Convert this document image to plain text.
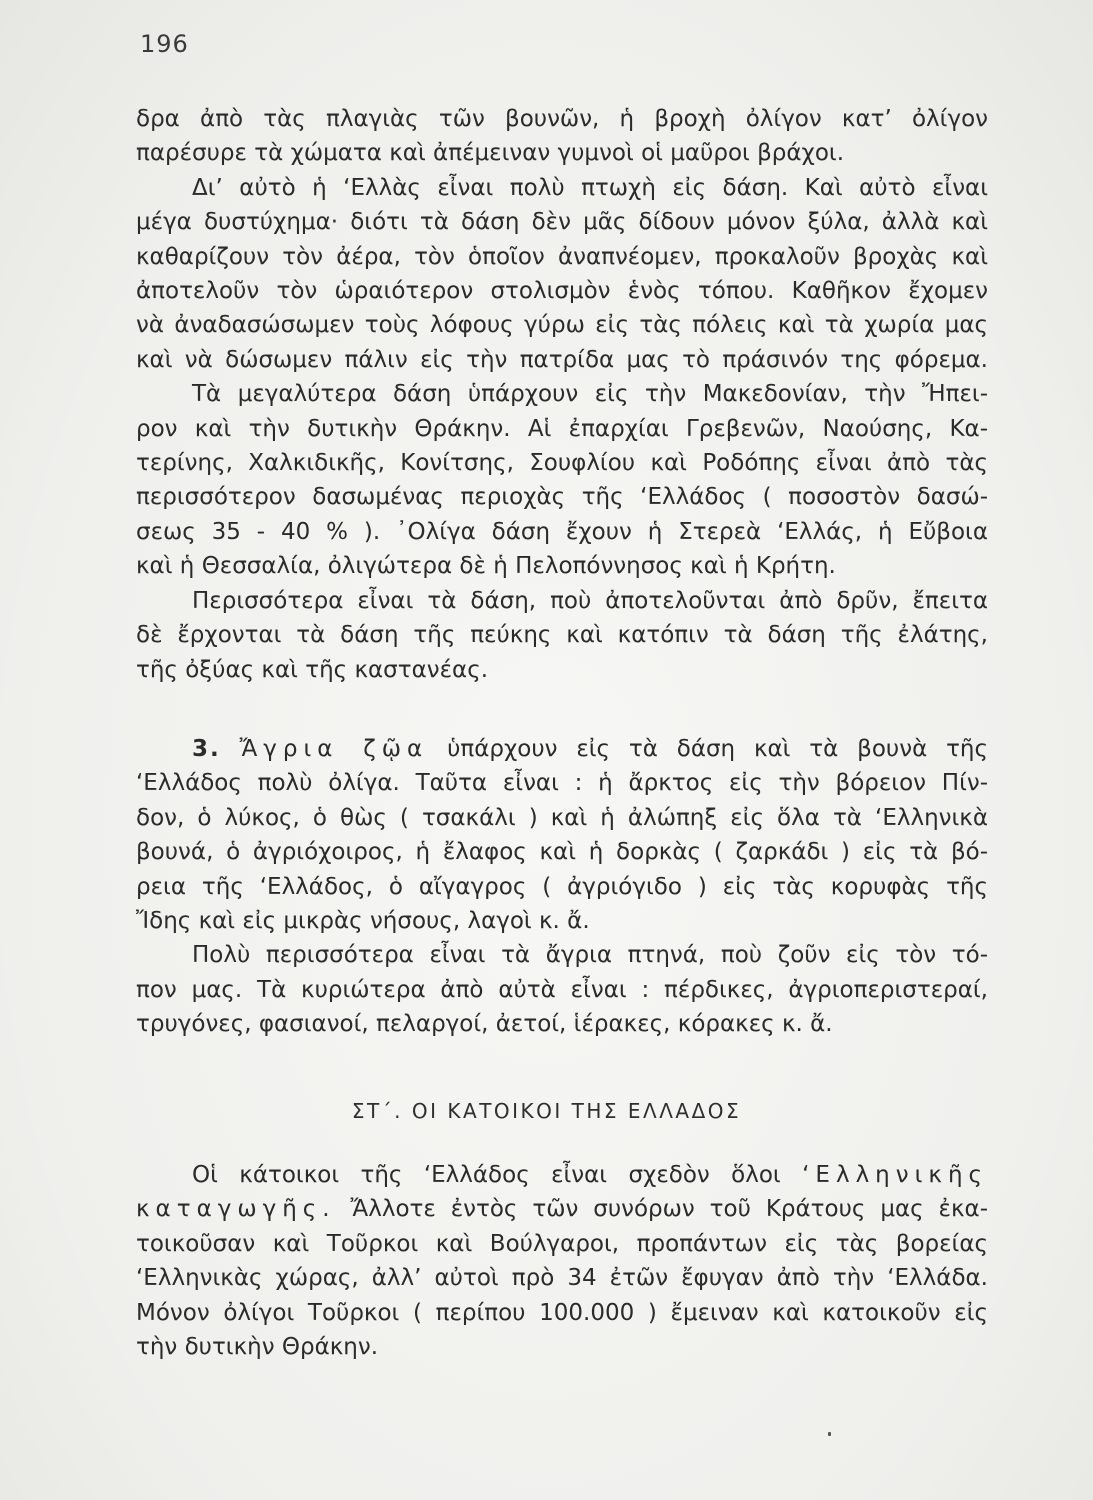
196
δρα ἀπὸ τὰς πλαγιὰς τῶν βουνῶν, ἡ βροχὴ ὀλίγον κατ’ ὀλίγον
παρέσυρε τὰ χώματα καὶ ἀπέμειναν γυμνοὶ οἱ μαῦροι βράχοι.
Δι’ αὐτὸ ἡ ‘Ελλὰς εἶναι πολὺ πτωχὴ εἰς δάση. Καὶ αὐτὸ εἶναι
μέγα δυστύχημα· διότι τὰ δάση δὲν μᾶς δίδουν μόνον ξύλα, ἀλλὰ καὶ
καθαρίζουν τὸν ἀέρα, τὸν ὁποῖον ἀναπνέομεν, προκαλοῦν βροχὰς καὶ
ἀποτελοῦν τὸν ὡραιότερον στολισμὸν ἑνὸς τόπου. Καθῆκον ἔχομεν
νὰ ἀναδασώσωμεν τοὺς λόφους γύρω εἰς τὰς πόλεις καὶ τὰ χωρία μας
καὶ νὰ δώσωμεν πάλιν εἰς τὴν πατρίδα μας τὸ πράσινόν της φόρεμα.
Τὰ μεγαλύτερα δάση ὑπάρχουν εἰς τὴν Μακεδονίαν, τὴν Ἤπει-
ρον καὶ τὴν δυτικὴν Θράκην. Αἱ ἐπαρχίαι Γρεβενῶν, Ναούσης, Κα-
τερίνης, Χαλκιδικῆς, Κονίτσης, Σουφλίου καὶ Ροδόπης εἶναι ἀπὸ τὰς
περισσότερον δασωμένας περιοχὰς τῆς ‘Ελλάδος ( ποσοστὸν δασώ-
σεως 35 - 40 % ). ᾿Ολίγα δάση ἔχουν ἡ Στερεὰ ‘Ελλάς, ἡ Εὔβοια
καὶ ἡ Θεσσαλία, ὀλιγώτερα δὲ ἡ Πελοπόννησος καὶ ἡ Κρήτη.
Περισσότερα εἶναι τὰ δάση, ποὺ ἀποτελοῦνται ἀπὸ δρῦν, ἔπειτα
δὲ ἔρχονται τὰ δάση τῆς πεύκης καὶ κατόπιν τὰ δάση τῆς ἐλάτης,
τῆς ὀξύας καὶ τῆς καστανέας.
3. Ἄγρια ζῷα ὑπάρχουν εἰς τὰ δάση καὶ τὰ βουνὰ τῆς
‘Ελλάδος πολὺ ὀλίγα. Ταῦτα εἶναι : ἡ ἄρκτος εἰς τὴν βόρειον Πίν-
δον, ὁ λύκος, ὁ θὼς ( τσακάλι ) καὶ ἡ ἀλώπηξ εἰς ὅλα τὰ ‘Ελληνικὰ
βουνά, ὁ ἀγριόχοιρος, ἡ ἔλαφος καὶ ἡ δορκὰς ( ζαρκάδι ) εἰς τὰ βό-
ρεια τῆς ‘Ελλάδος, ὁ αἴγαγρος ( ἀγριόγιδο ) εἰς τὰς κορυφὰς τῆς
Ἴδης καὶ εἰς μικρὰς νήσους, λαγοὶ κ. ἄ.
Πολὺ περισσότερα εἶναι τὰ ἄγρια πτηνά, ποὺ ζοῦν εἰς τὸν τό-
πον μας. Τὰ κυριώτερα ἀπὸ αὐτὰ εἶναι : πέρδικες, ἀγριοπεριστεραί,
τρυγόνες, φασιανοί, πελαργοί, ἀετοί, ἱέρακες, κόρακες κ. ἄ.
ΣΤ΄. ΟΙ ΚΑΤΟΙΚΟΙ ΤΗΣ ΕΛΛΑΔΟΣ
Οἱ κάτοικοι τῆς ‘Ελλάδος εἶναι σχεδὸν ὅλοι ‘Ελληνικῆς
καταγωγῆς. Ἄλλοτε ἐντὸς τῶν συνόρων τοῦ Κράτους μας ἐκα-
τοικοῦσαν καὶ Τοῦρκοι καὶ Βούλγαροι, προπάντων εἰς τὰς βορείας
‘Ελληνικὰς χώρας, ἀλλ’ αὐτοὶ πρὸ 34 ἐτῶν ἔφυγαν ἀπὸ τὴν ‘Ελλάδα.
Μόνον ὀλίγοι Τοῦρκοι ( περίπου 100.000 ) ἔμειναν καὶ κατοικοῦν εἰς
τὴν δυτικὴν Θράκην.
